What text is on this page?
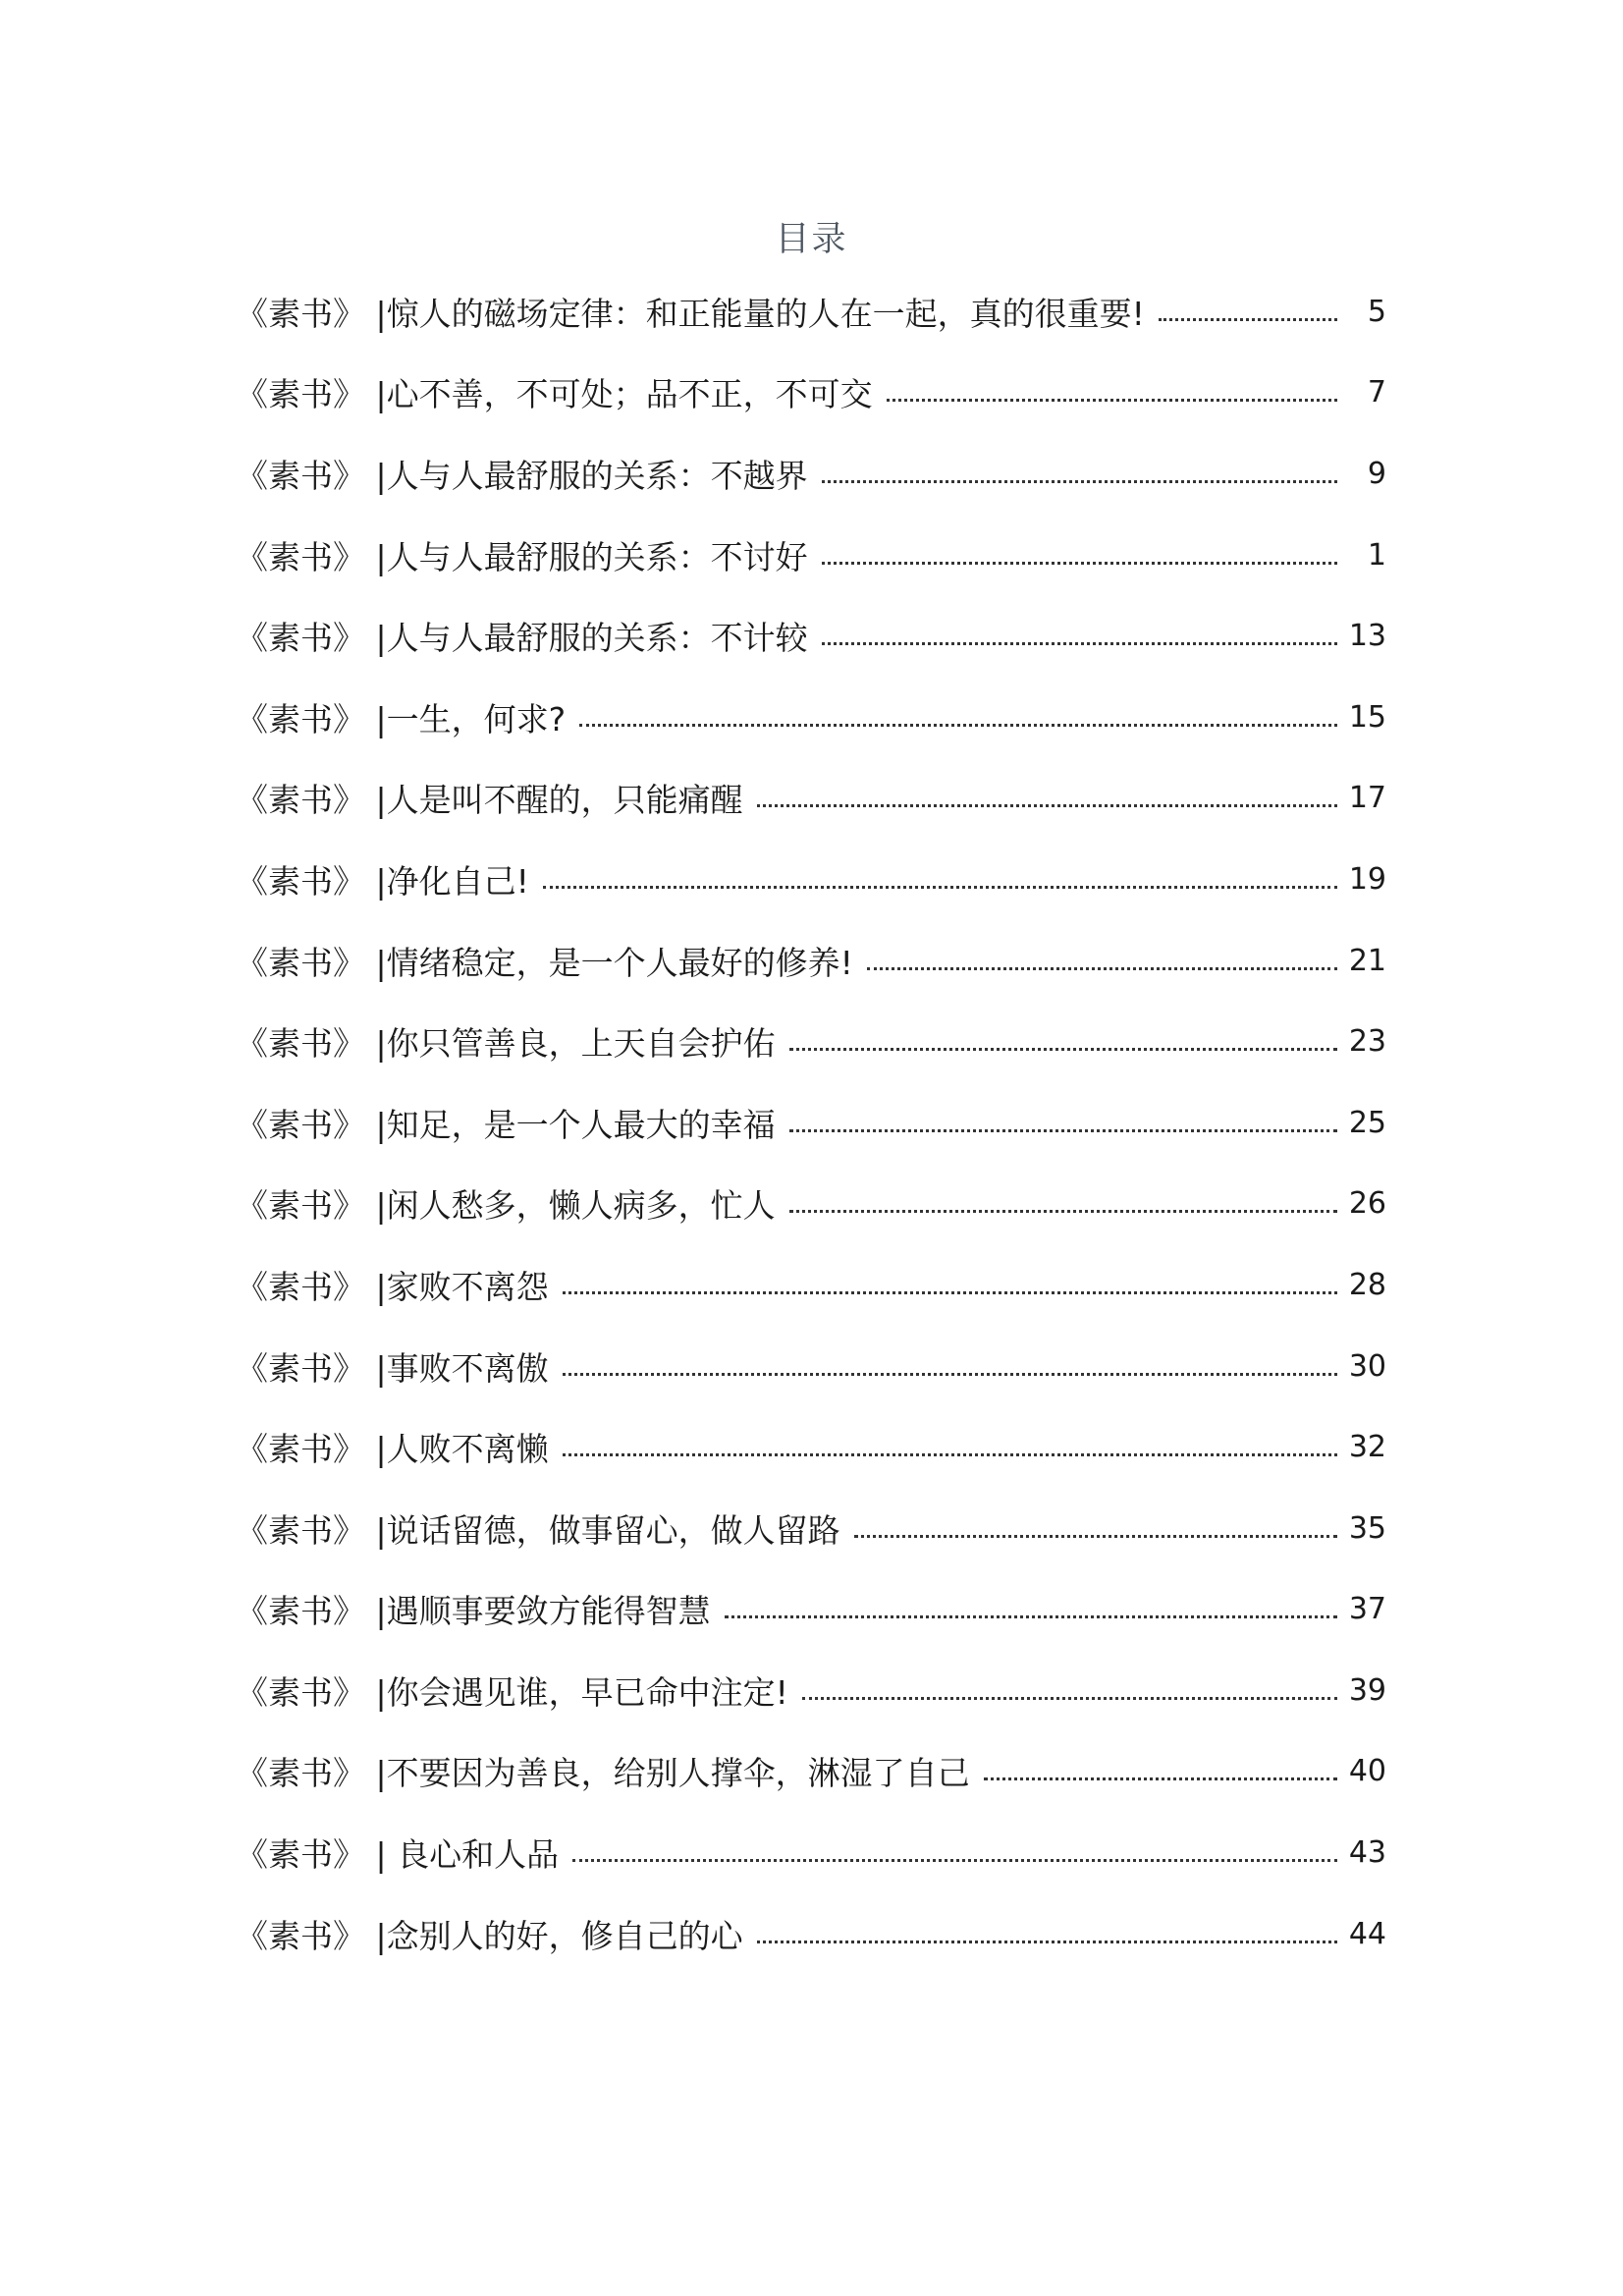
目录
《素书》 |惊人的磁场定律：和正能量的人在一起，真的很重要!	5
《素书》 |心不善，不可处；品不正，不可交	7
《素书》 |人与人最舒服的关系：不越界	9
《素书》 |人与人最舒服的关系：不讨好	1
《素书》 |人与人最舒服的关系：不计较	13
《素书》 |一生，何求?	15
《素书》 |人是叫不醒的，只能痛醒	17
《素书》 |净化自己!	19
《素书》 |情绪稳定，是一个人最好的修养!	21
《素书》 |你只管善良，上天自会护佑	23
《素书》 |知足，是一个人最大的幸福	25
《素书》 |闲人愁多，懒人病多，忙人	26
《素书》 |家败不离怨	28
《素书》 |事败不离傲	30
《素书》 |人败不离懒	32
《素书》 |说话留德，做事留心，做人留路	35
《素书》 |遇顺事要敛方能得智慧	37
《素书》 |你会遇见谁，早已命中注定!	39
《素书》 |不要因为善良，给别人撑伞，淋湿了自己	40
《素书》 | 良心和人品	43
《素书》 |念别人的好，修自己的心	44
